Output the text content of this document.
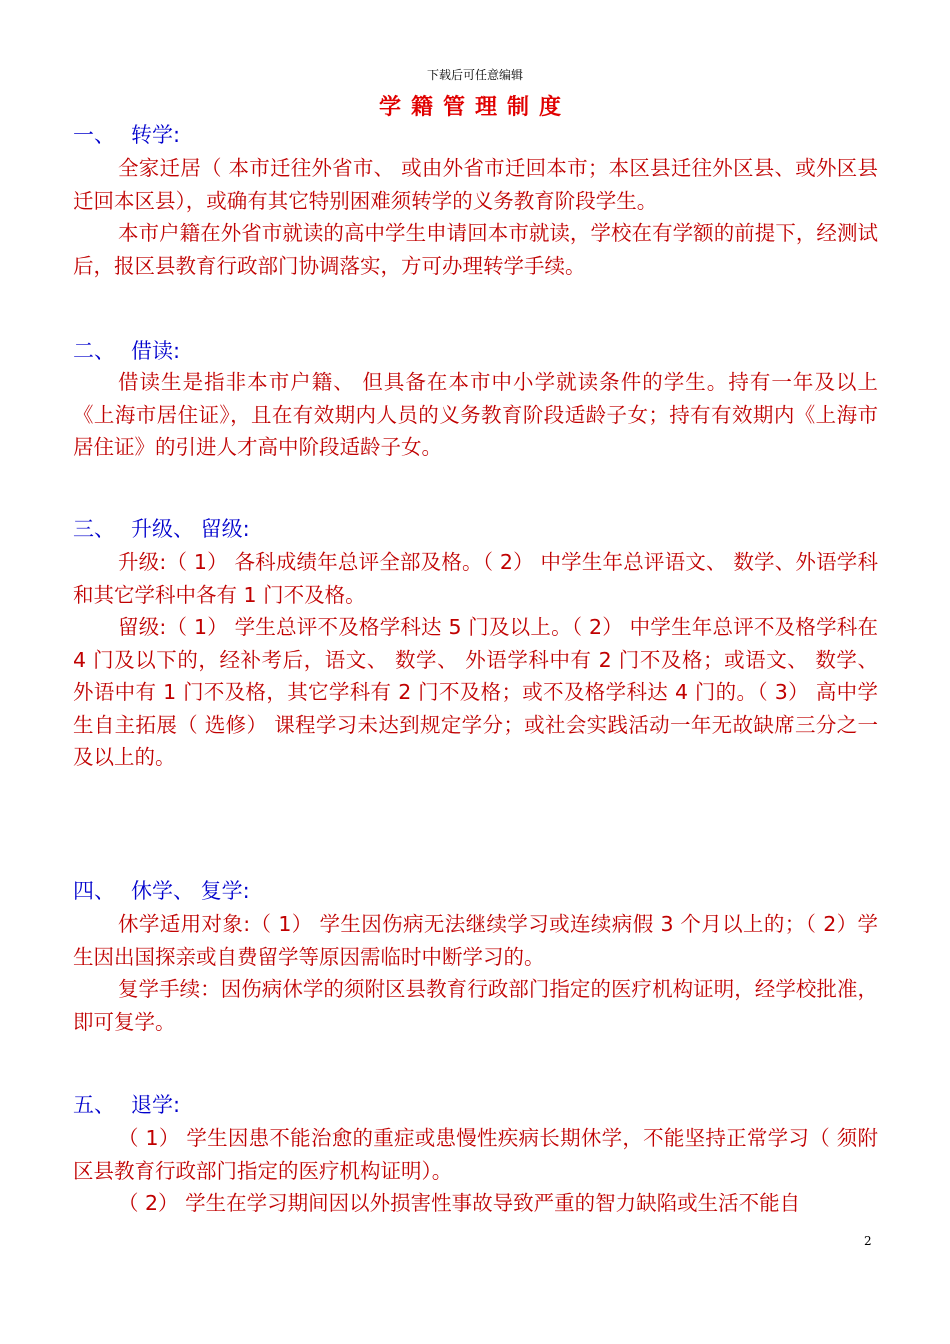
下载后可任意编辑
学籍管理制度
一、 转学:
全家迁居（ 本市迁往外省市、 或由外省市迁回本市；本区县迁往外区县、或外区县迁回本区县），或确有其它特别困难须转学的义务教育阶段学生。
本市户籍在外省市就读的高中学生申请回本市就读，学校在有学额的前提下，经测试后，报区县教育行政部门协调落实，方可办理转学手续。
二、 借读:
借读生是指非本市户籍、 但具备在本市中小学就读条件的学生。持有一年及以上《上海市居住证》，且在有效期内人员的义务教育阶段适龄子女；持有有效期内《上海市居住证》的引进人才高中阶段适龄子女。
三、 升级、 留级:
升级:（ 1） 各科成绩年总评全部及格。（ 2） 中学生年总评语文、 数学、外语学科和其它学科中各有 1 门不及格。
留级:（ 1） 学生总评不及格学科达 5 门及以上。（ 2） 中学生年总评不及格学科在 4 门及以下的，经补考后，语文、 数学、 外语学科中有 2 门不及格；或语文、 数学、 外语中有 1 门不及格，其它学科有 2 门不及格；或不及格学科达 4 门的。（ 3） 高中学生自主拓展（ 选修） 课程学习未达到规定学分；或社会实践活动一年无故缺席三分之一及以上的。
四、 休学、 复学:
休学适用对象:（ 1） 学生因伤病无法继续学习或连续病假 3 个月以上的；（ 2）学生因出国探亲或自费留学等原因需临时中断学习的。
复学手续：因伤病休学的须附区县教育行政部门指定的医疗机构证明，经学校批准，即可复学。
五、 退学:
（ 1） 学生因患不能治愈的重症或患慢性疾病长期休学，不能坚持正常学习（ 须附区县教育行政部门指定的医疗机构证明）。
（ 2） 学生在学习期间因以外损害性事故导致严重的智力缺陷或生活不能自
2
